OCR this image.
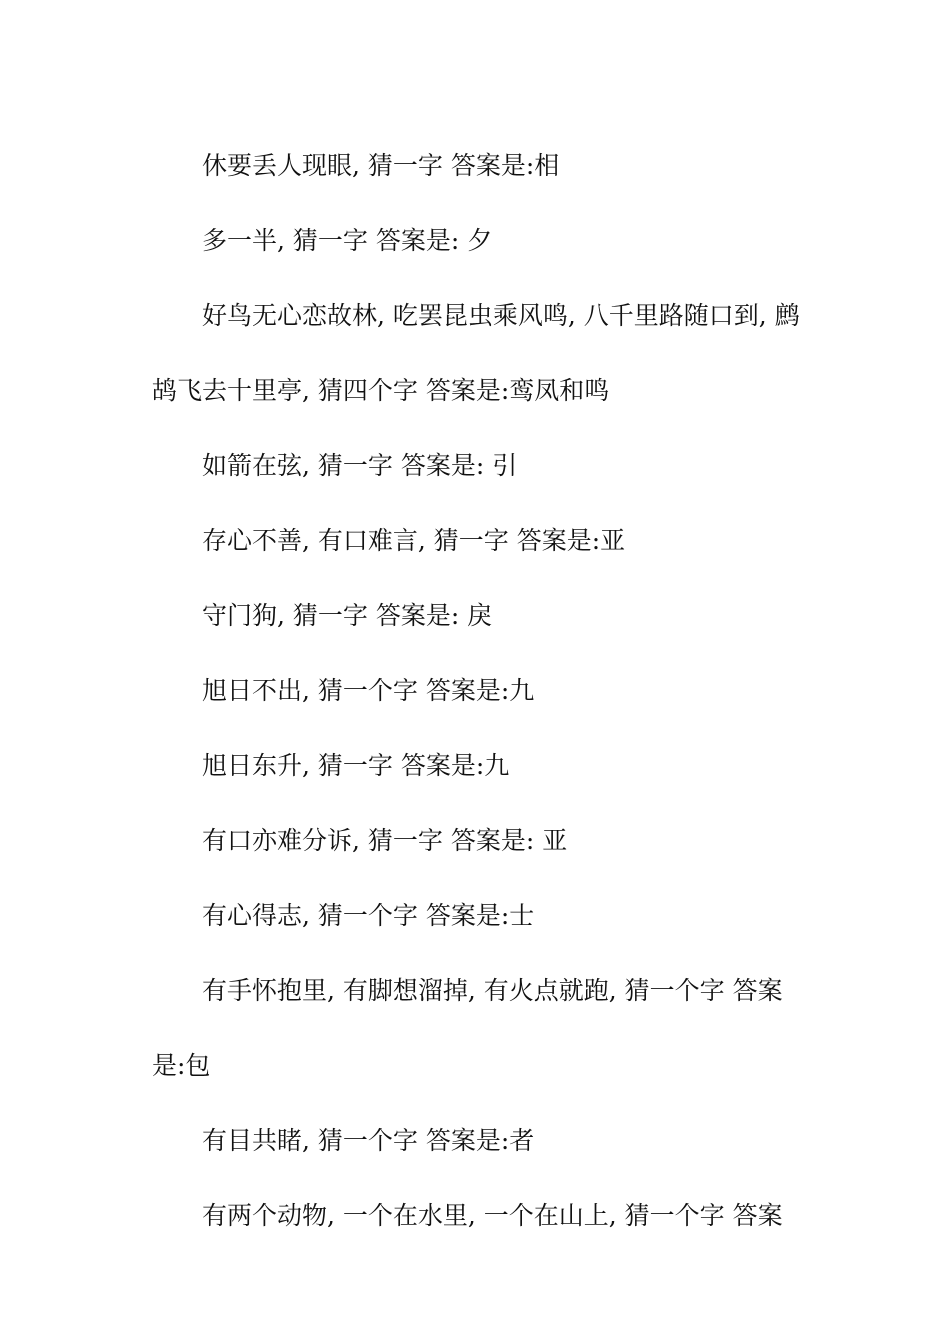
休要丢人现眼, 猜一字 答案是:相
多一半, 猜一字 答案是: 夕
好鸟无心恋故林, 吃罢昆虫乘风鸣, 八千里路随口到, 鹧
鸪飞去十里亭, 猜四个字 答案是:鸾凤和鸣
如箭在弦, 猜一字 答案是: 引
存心不善, 有口难言, 猜一字 答案是:亚
守门狗, 猜一字 答案是: 戾
旭日不出, 猜一个字 答案是:九
旭日东升, 猜一字 答案是:九
有口亦难分诉, 猜一字 答案是: 亚
有心得志, 猜一个字 答案是:士
有手怀抱里, 有脚想溜掉, 有火点就跑, 猜一个字 答案
是:包
有目共睹, 猜一个字 答案是:者
有两个动物, 一个在水里, 一个在山上, 猜一个字 答案
